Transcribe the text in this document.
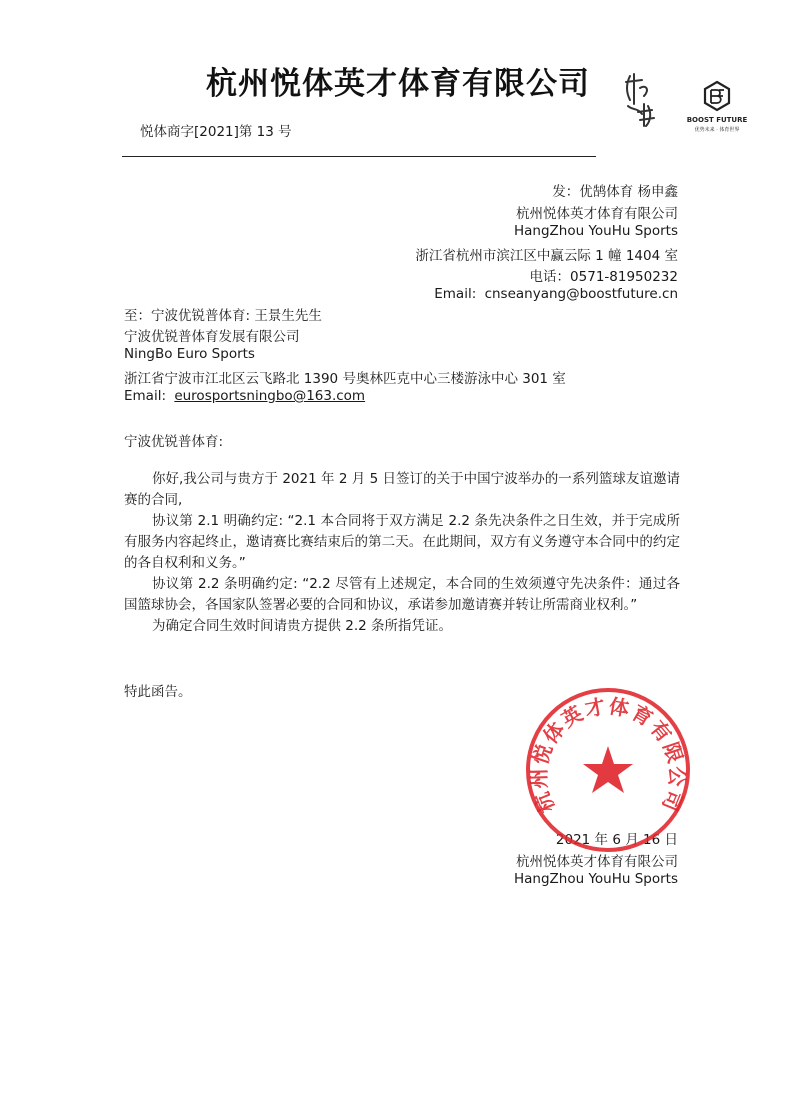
杭州悦体英才体育有限公司
BOOST FUTURE
优势未来 · 体育世界
悦体商字[2021]第 13 号
发：优鹄体育 杨申鑫
杭州悦体英才体育有限公司
HangZhou YouHu Sports
浙江省杭州市滨江区中赢云际 1 幢 1404 室
电话：0571-81950232
Email: cnseanyang@boostfuture.cn
至：宁波优锐普体育: 王景生先生
宁波优锐普体育发展有限公司
NingBo Euro Sports
浙江省宁波市江北区云飞路北 1390 号奥林匹克中心三楼游泳中心 301 室
Email: eurosportsningbo@163.com
宁波优锐普体育:
你好,我公司与贵方于 2021 年 2 月 5 日签订的关于中国宁波举办的一系列篮球友谊邀请赛的合同,
协议第 2.1 明确约定: “2.1 本合同将于双方满足 2.2 条先决条件之日生效，并于完成所有服务内容起终止，邀请赛比赛结束后的第二天。在此期间，双方有义务遵守本合同中的约定的各自权利和义务。”
协议第 2.2 条明确约定: “2.2 尽管有上述规定，本合同的生效须遵守先决条件：通过各国篮球协会，各国家队签署必要的合同和协议，承诺参加邀请赛并转让所需商业权利。”
为确定合同生效时间请贵方提供 2.2 条所指凭证。
特此函告。
2021 年 6 月 16 日
杭州悦体英才体育有限公司
HangZhou YouHu Sports
杭州悦体英才体育有限公司
